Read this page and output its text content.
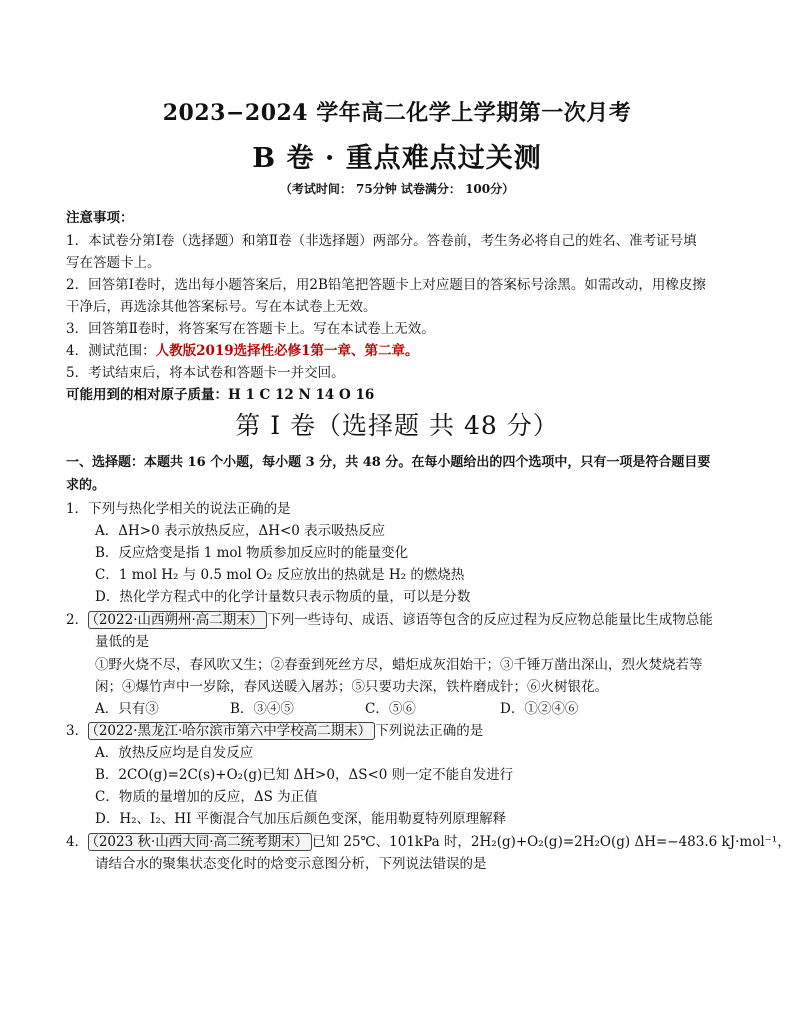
2023−2024 学年高二化学上学期第一次月考
B 卷 · 重点难点过关测
（考试时间： 75分钟 试卷满分： 100分）
注意事项：
1．本试卷分第Ⅰ卷（选择题）和第Ⅱ卷（非选择题）两部分。答卷前，考生务必将自己的姓名、准考证号填
写在答题卡上。
2．回答第Ⅰ卷时，选出每小题答案后，用2B铅笔把答题卡上对应题目的答案标号涂黑。如需改动，用橡皮擦
干净后，再选涂其他答案标号。写在本试卷上无效。
3．回答第Ⅱ卷时，将答案写在答题卡上。写在本试卷上无效。
4．测试范围：人教版2019选择性必修1第一章、第二章。
5．考试结束后，将本试卷和答题卡一并交回。
可能用到的相对原子质量：H 1 C 12 N 14 O 16
第 I 卷（选择题 共 48 分）
一、选择题：本题共 16 个小题，每小题 3 分，共 48 分。在每小题给出的四个选项中，只有一项是符合题目要
求的。
1．下列与热化学相关的说法正确的是
A．ΔH>0 表示放热反应，ΔH<0 表示吸热反应
B．反应焓变是指 1 mol 物质参加反应时的能量变化
C．1 mol H₂ 与 0.5 mol O₂ 反应放出的热就是 H₂ 的燃烧热
D．热化学方程式中的化学计量数只表示物质的量，可以是分数
2． （2022·山西朔州·高二期末） 下列一些诗句、成语、谚语等包含的反应过程为反应物总能量比生成物总能
量低的是
①野火烧不尽，春风吹又生；②春蚕到死丝方尽，蜡炬成灰泪始干；③千锤万凿出深山，烈火焚烧若等
闲；④爆竹声中一岁除，春风送暖入屠苏；⑤只要功夫深，铁杵磨成针；⑥火树银花。
A．只有③	B．③④⑤	C．⑤⑥	D．①②④⑥
3． （2022·黑龙江·哈尔滨市第六中学校高二期末） 下列说法正确的是
A．放热反应均是自发反应
B．2CO(g)=2C(s)+O₂(g)已知 ΔH>0，ΔS<0 则一定不能自发进行
C．物质的量增加的反应，ΔS 为正值
D．H₂、I₂、HI 平衡混合气加压后颜色变深，能用勒夏特列原理解释
4． （2023 秋·山西大同·高二统考期末） 已知 25℃、101kPa 时，2H₂(g)+O₂(g)=2H₂O(g) ΔH=−483.6 kJ·mol⁻¹，
请结合水的聚集状态变化时的焓变示意图分析，下列说法错误的是
